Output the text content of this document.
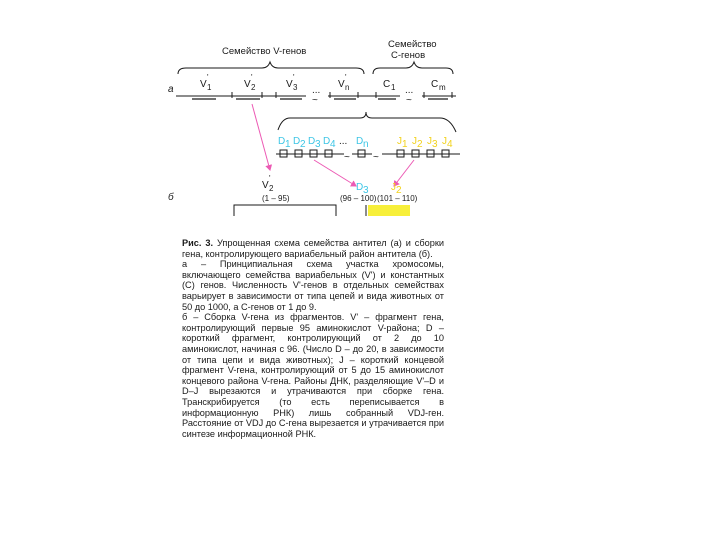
Семейство V-генов
Семейство
С-генов
а	V
'
1	V
'
2	V
'
3 ...
~
V
'
n	C 1 ...
~
C m
D 1 D 2 D 3 D 4 ... D n
~ ~
J 1 J 2 J 3 J 4
б
V
'
2	D 3 J 2
(1 – 95)	(96 – 100) (101 – 110)

Рис. 3. Упрощенная схема семейства антител (а) и сборки гена, контролирующего вариабельный район антитела (б).

а – Принципиальная схема участка хромосомы, включающего семейства вариабельных (V') и константных (С) генов. Численность V'-генов в отдельных семействах варьирует в зависимости от типа цепей и вида животных от 50 до 1000, а С-генов от 1 до 9.

б – Сборка V-гена из фрагментов. V' – фрагмент гена, контролирующий первые 95 аминокислот V-района; D – короткий фрагмент, контролирующий от 2 до 10 аминокислот, начиная с 96. (Число D – до 20, в зависимости от типа цепи и вида животных); J – короткий концевой фрагмент V-гена, контролирующий от 5 до 15 аминокислот концевого района V-гена. Районы ДНК, разделяющие V'–D и D–J вырезаются и утрачиваются при сборке гена. Транскрибируется (то есть переписывается в информационную РНК) лишь собранный VDJ-ген. Расстояние от VDJ до C-гена вырезается и утрачивается при синтезе информационной РНК.
